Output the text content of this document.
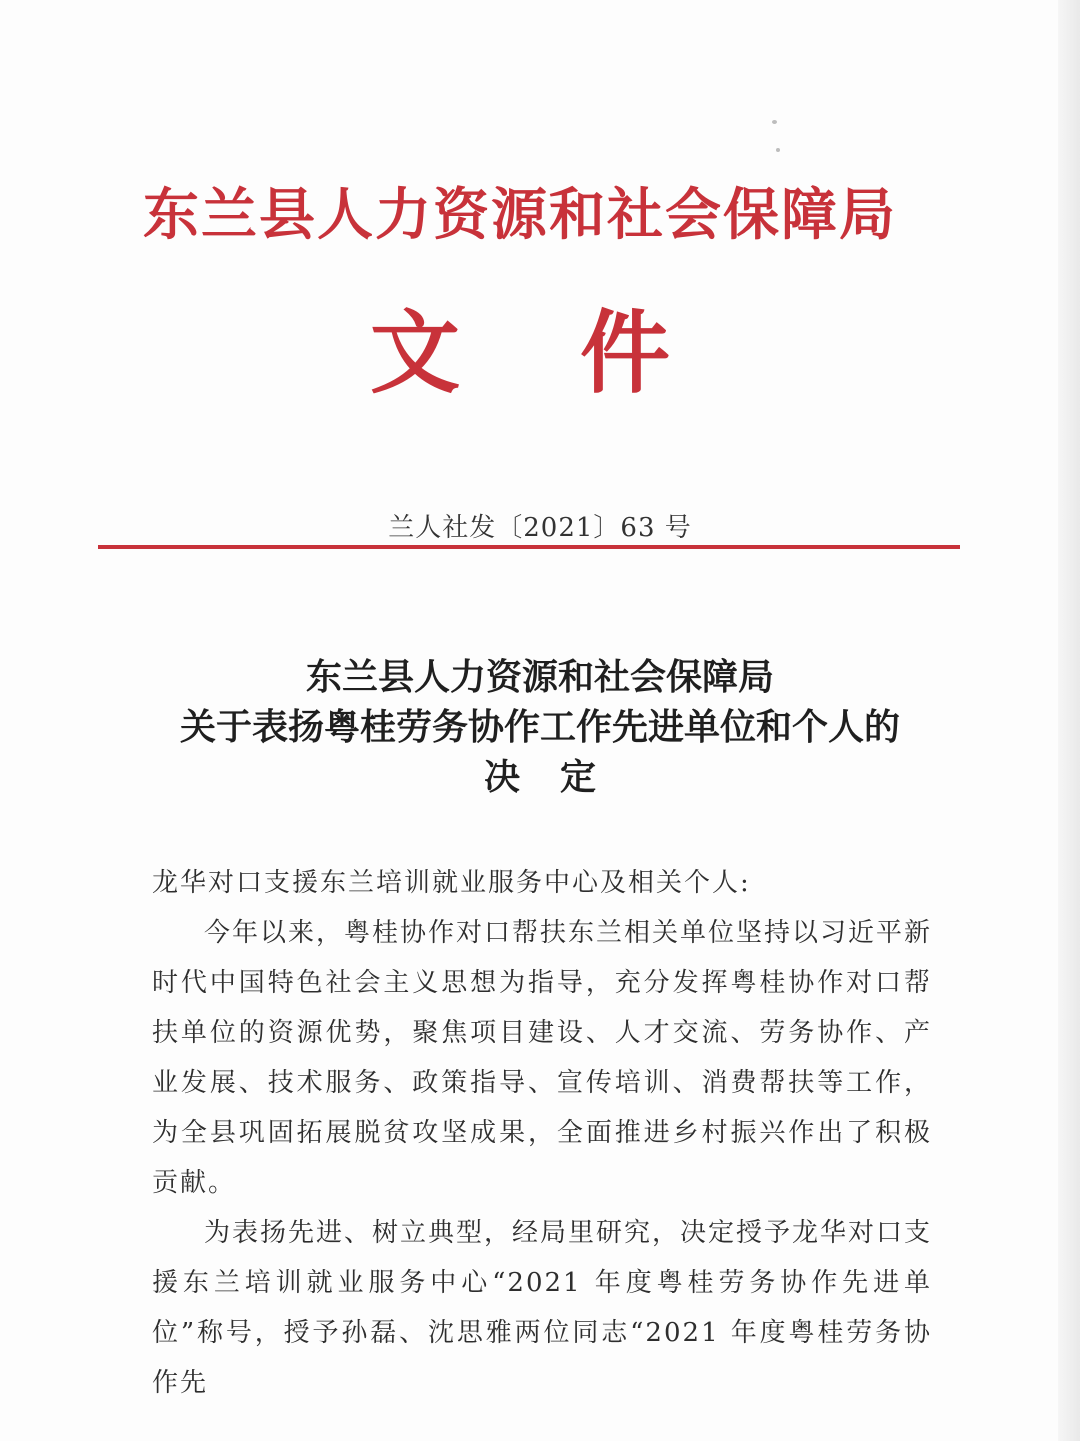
东兰县人力资源和社会保障局
文件
兰人社发〔2021〕63 号
东兰县人力资源和社会保障局
关于表扬粤桂劳务协作工作先进单位和个人的
决定

龙华对口支援东兰培训就业服务中心及相关个人:

今年以来，粤桂协作对口帮扶东兰相关单位坚持以习近平新时代中国特色社会主义思想为指导，充分发挥粤桂协作对口帮扶单位的资源优势，聚焦项目建设、人才交流、劳务协作、产业发展、技术服务、政策指导、宣传培训、消费帮扶等工作，为全县巩固拓展脱贫攻坚成果，全面推进乡村振兴作出了积极贡献。

为表扬先进、树立典型，经局里研究，决定授予龙华对口支援东兰培训就业服务中心“2021 年度粤桂劳务协作先进单位”称号，授予孙磊、沈思雅两位同志“2021 年度粤桂劳务协作先
